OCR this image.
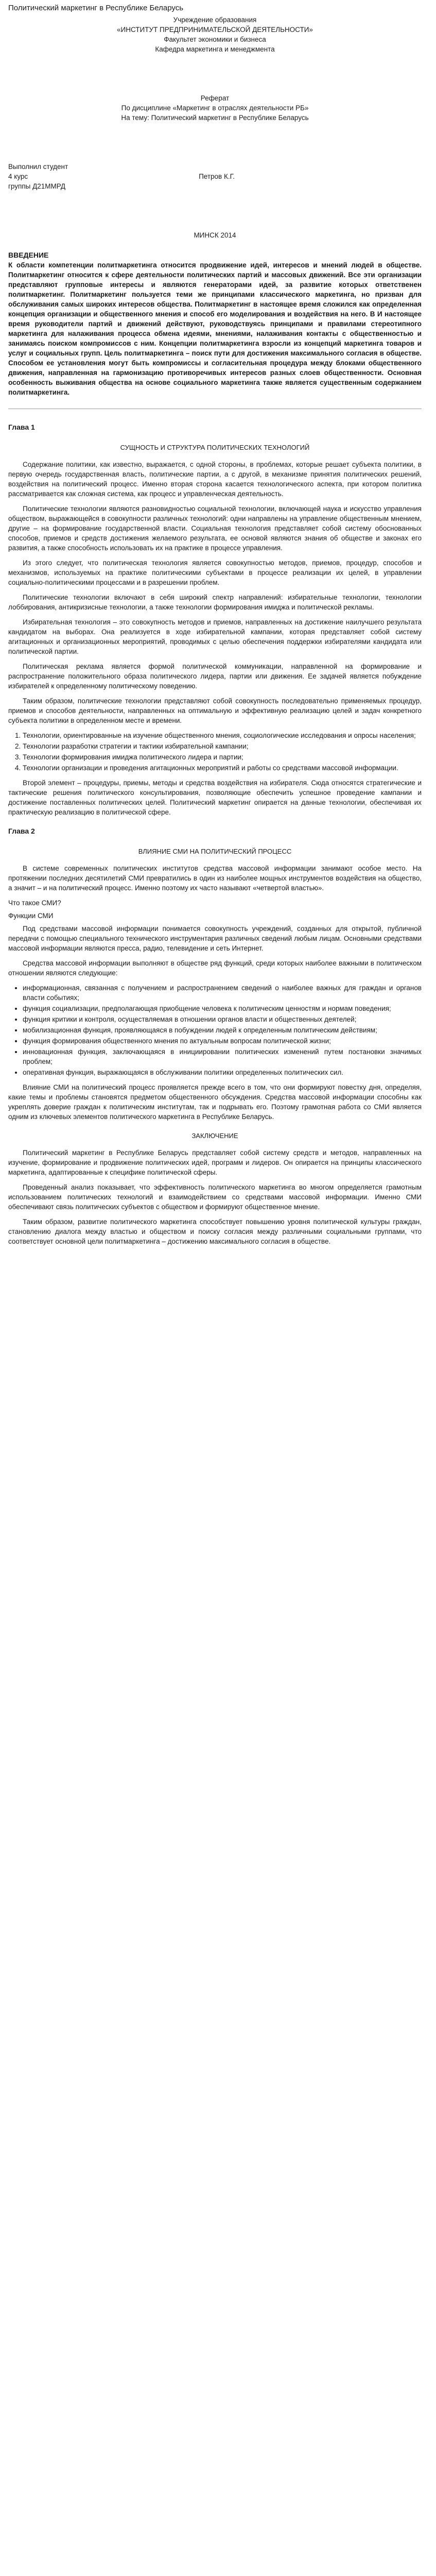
Политический маркетинг в Республике Беларусь

Учреждение образования

«ИНСТИТУТ ПРЕДПРИНИМАТЕЛЬСКОЙ ДЕЯТЕЛЬНОСТИ»

Факультет экономики и бизнеса

Кафедра маркетинга и менеджмента

Реферат

По дисциплине «Маркетинг в отраслях деятельности РБ»

На тему: Политический маркетинг в Республике Беларусь

Выполнил студент

4 курс	Петров К.Г.

группы Д21ММРД

МИНСК 2014

ВВЕДЕНИЕ

К области компетенции политмаркетинга относится продвижение идей, интересов и мнений людей в обществе. Политмаркетинг относится к сфере деятельности политических партий и массовых движений. Все эти организации представляют групповые интересы и являются генераторами идей, за развитие которых ответственен политмаркетинг. Политмаркетинг пользуется теми же принципами классического маркетинга, но призван для обслуживания самых широких интересов общества. Политмаркетинг в настоящее время сложился как определенная концепция организации и общественного мнения и способ его моделирования и воздействия на него. В И настоящее время руководители партий и движений действуют, руководствуясь принципами и правилами стереотипного маркетинга для налаживания процесса обмена идеями, мнениями, налаживания контакты с общественностью и занимаясь поиском компромиссов с ним. Концепции политмаркетинга взросли из концепций маркетинга товаров и услуг и социальных групп. Цель политмаркетинга – поиск пути для достижения максимального согласия в обществе. Способом ее установления могут быть компромиссы и согласительная процедура между блоками общественного движения, направленная на гармонизацию противоречивых интересов разных слоев общественности. Основная особенность выживания общества на основе социального маркетинга также является существенным содержанием политмаркетинга.

Глава 1

СУЩНОСТЬ И СТРУКТУРА ПОЛИТИЧЕСКИХ ТЕХНОЛОГИЙ

Содержание политики, как известно, выражается, с одной стороны, в проблемах, которые решает субъекта политики, в первую очередь государственная власть, политические партии, а с другой, в механизме принятия политических решений, воздействия на политический процесс. Именно вторая сторона касается технологического аспекта, при котором политика рассматривается как сложная система, как процесс и управленческая деятельность.

Политические технологии являются разновидностью социальной технологии, включающей наука и искусство управления обществом, выражающейся в совокупности различных технологий: одни направлены на управление общественным мнением, другие – на формирование государственной власти. Социальная технология представляет собой систему обоснованных способов, приемов и средств достижения желаемого результата, ее основой являются знания об обществе и законах его развития, а также способность использовать их на практике в процессе управления.

Из этого следует, что политическая технология является совокупностью методов, приемов, процедур, способов и механизмов, используемых на практике политическими субъектами в процессе реализации их целей, в управлении социально-политическими процессами и в разрешении проблем.

Политические технологии включают в себя широкий спектр направлений: избирательные технологии, технологии лоббирования, антикризисные технологии, а также технологии формирования имиджа и политической рекламы.

Избирательная технология – это совокупность методов и приемов, направленных на достижение наилучшего результата кандидатом на выборах. Она реализуется в ходе избирательной кампании, которая представляет собой систему агитационных и организационных мероприятий, проводимых с целью обеспечения поддержки избирателями кандидата или политической партии.

Политическая реклама является формой политической коммуникации, направленной на формирование и распространение положительного образа политического лидера, партии или движения. Ее задачей является побуждение избирателей к определенному политическому поведению.

Таким образом, политические технологии представляют собой совокупность последовательно применяемых процедур, приемов и способов деятельности, направленных на оптимальную и эффективную реализацию целей и задач конкретного субъекта политики в определенном месте и времени.

1. Технологии, ориентированные на изучение общественного мнения, социологические исследования и опросы населения;
2. Технологии разработки стратегии и тактики избирательной кампании;
3. Технологии формирования имиджа политического лидера и партии;
4. Технологии организации и проведения агитационных мероприятий и работы со средствами массовой информации.

Второй элемент – процедуры, приемы, методы и средства воздействия на избирателя. Сюда относятся стратегические и тактические решения политического консультирования, позволяющие обеспечить успешное проведение кампании и достижение поставленных политических целей. Политический маркетинг опирается на данные технологии, обеспечивая их практическую реализацию в политической сфере.

Глава 2

ВЛИЯНИЕ СМИ НА ПОЛИТИЧЕСКИЙ ПРОЦЕСС

В системе современных политических институтов средства массовой информации занимают особое место. На протяжении последних десятилетий СМИ превратились в один из наиболее мощных инструментов воздействия на общество, а значит – и на политический процесс. Именно поэтому их часто называют «четвертой властью».

Что такое СМИ?

Функции СМИ

Под средствами массовой информации понимается совокупность учреждений, созданных для открытой, публичной передачи с помощью специального технического инструментария различных сведений любым лицам. Основными средствами массовой информации являются пресса, радио, телевидение и сеть Интернет.

Средства массовой информации выполняют в обществе ряд функций, среди которых наиболее важными в политическом отношении являются следующие:

• информационная, связанная с получением и распространением сведений о наиболее важных для граждан и органов власти событиях;
• функция социализации, предполагающая приобщение человека к политическим ценностям и нормам поведения;
• функция критики и контроля, осуществляемая в отношении органов власти и общественных деятелей;
• мобилизационная функция, проявляющаяся в побуждении людей к определенным политическим действиям;
• функция формирования общественного мнения по актуальным вопросам политической жизни;
• инновационная функция, заключающаяся в инициировании политических изменений путем постановки значимых проблем;
• оперативная функция, выражающаяся в обслуживании политики определенных политических сил.

Влияние СМИ на политический процесс проявляется прежде всего в том, что они формируют повестку дня, определяя, какие темы и проблемы становятся предметом общественного обсуждения. Средства массовой информации способны как укреплять доверие граждан к политическим институтам, так и подрывать его. Поэтому грамотная работа со СМИ является одним из ключевых элементов политического маркетинга в Республике Беларусь.

ЗАКЛЮЧЕНИЕ

Политический маркетинг в Республике Беларусь представляет собой систему средств и методов, направленных на изучение, формирование и продвижение политических идей, программ и лидеров. Он опирается на принципы классического маркетинга, адаптированные к специфике политической сферы.

Проведенный анализ показывает, что эффективность политического маркетинга во многом определяется грамотным использованием политических технологий и взаимодействием со средствами массовой информации. Именно СМИ обеспечивают связь политических субъектов с обществом и формируют общественное мнение.

Таким образом, развитие политического маркетинга способствует повышению уровня политической культуры граждан, становлению диалога между властью и обществом и поиску согласия между различными социальными группами, что соответствует основной цели политмаркетинга – достижению максимального согласия в обществе.
